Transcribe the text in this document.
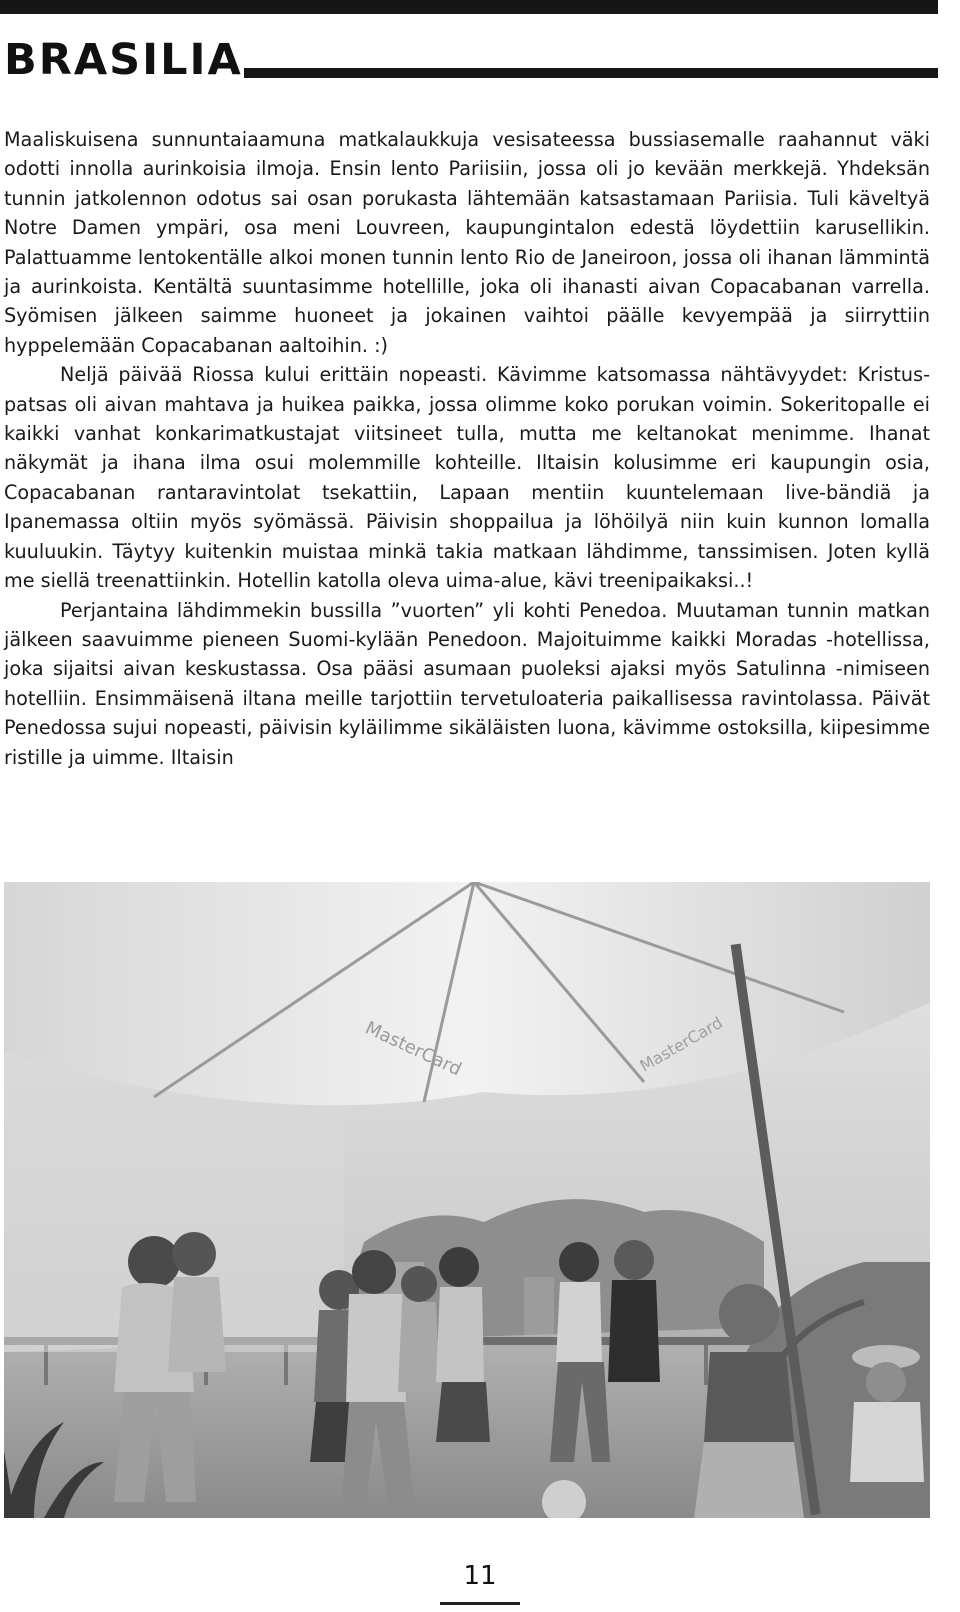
BRASILIA

Maaliskuisena sunnuntaiaamuna matkalaukkuja vesisateessa bussiasemalle raahannut väki odotti innolla aurinkoisia ilmoja. Ensin lento Pariisiin, jossa oli jo kevään merkkejä. Yhdeksän tunnin jatkolennon odotus sai osan porukasta lähtemään katsastamaan Pariisia. Tuli käveltyä Notre Damen ympäri, osa meni Louvreen, kaupungintalon edestä löydettiin karusellikin. Palattuamme lentokentälle alkoi monen tunnin lento Rio de Janeiroon, jossa oli ihanan lämmintä ja aurinkoista. Kentältä suuntasimme hotellille, joka oli ihanasti aivan Copacabanan varrella. Syömisen jälkeen saimme huoneet ja jokainen vaihtoi päälle kevyempää ja siirryttiin hyppelemään Copacabanan aaltoihin. :)

Neljä päivää Riossa kului erittäin nopeasti. Kävimme katsomassa nähtävyydet: Kristus-patsas oli aivan mahtava ja huikea paikka, jossa olimme koko porukan voimin. Sokeritopalle ei kaikki vanhat konkarimatkustajat viitsineet tulla, mutta me keltanokat menimme. Ihanat näkymät ja ihana ilma osui molemmille kohteille. Iltaisin kolusimme eri kaupungin osia, Copacabanan rantaravintolat tsekattiin, Lapaan mentiin kuuntelemaan live-bändiä ja Ipanemassa oltiin myös syömässä. Päivisin shoppailua ja löhöilyä niin kuin kunnon lomalla kuuluukin. Täytyy kuitenkin muistaa minkä takia matkaan lähdimme, tanssimisen. Joten kyllä me siellä treenattiinkin. Hotellin katolla oleva uima-alue, kävi treenipaikaksi..!

Perjantaina lähdimmekin bussilla ”vuorten” yli kohti Penedoa. Muutaman tunnin matkan jälkeen saavuimme pieneen Suomi-kylään Penedoon. Majoituimme kaikki Moradas -hotellissa, joka sijaitsi aivan keskustassa. Osa pääsi asumaan puoleksi ajaksi myös Satulinna -nimiseen hotelliin. Ensimmäisenä iltana meille tarjottiin tervetuloateria paikallisessa ravintolassa. Päivät Penedossa sujui nopeasti, päivisin kyläilimme sikäläisten luona, kävimme ostoksilla, kiipesimme ristille ja uimme. Iltaisin

MasterCard	MasterCard
11
